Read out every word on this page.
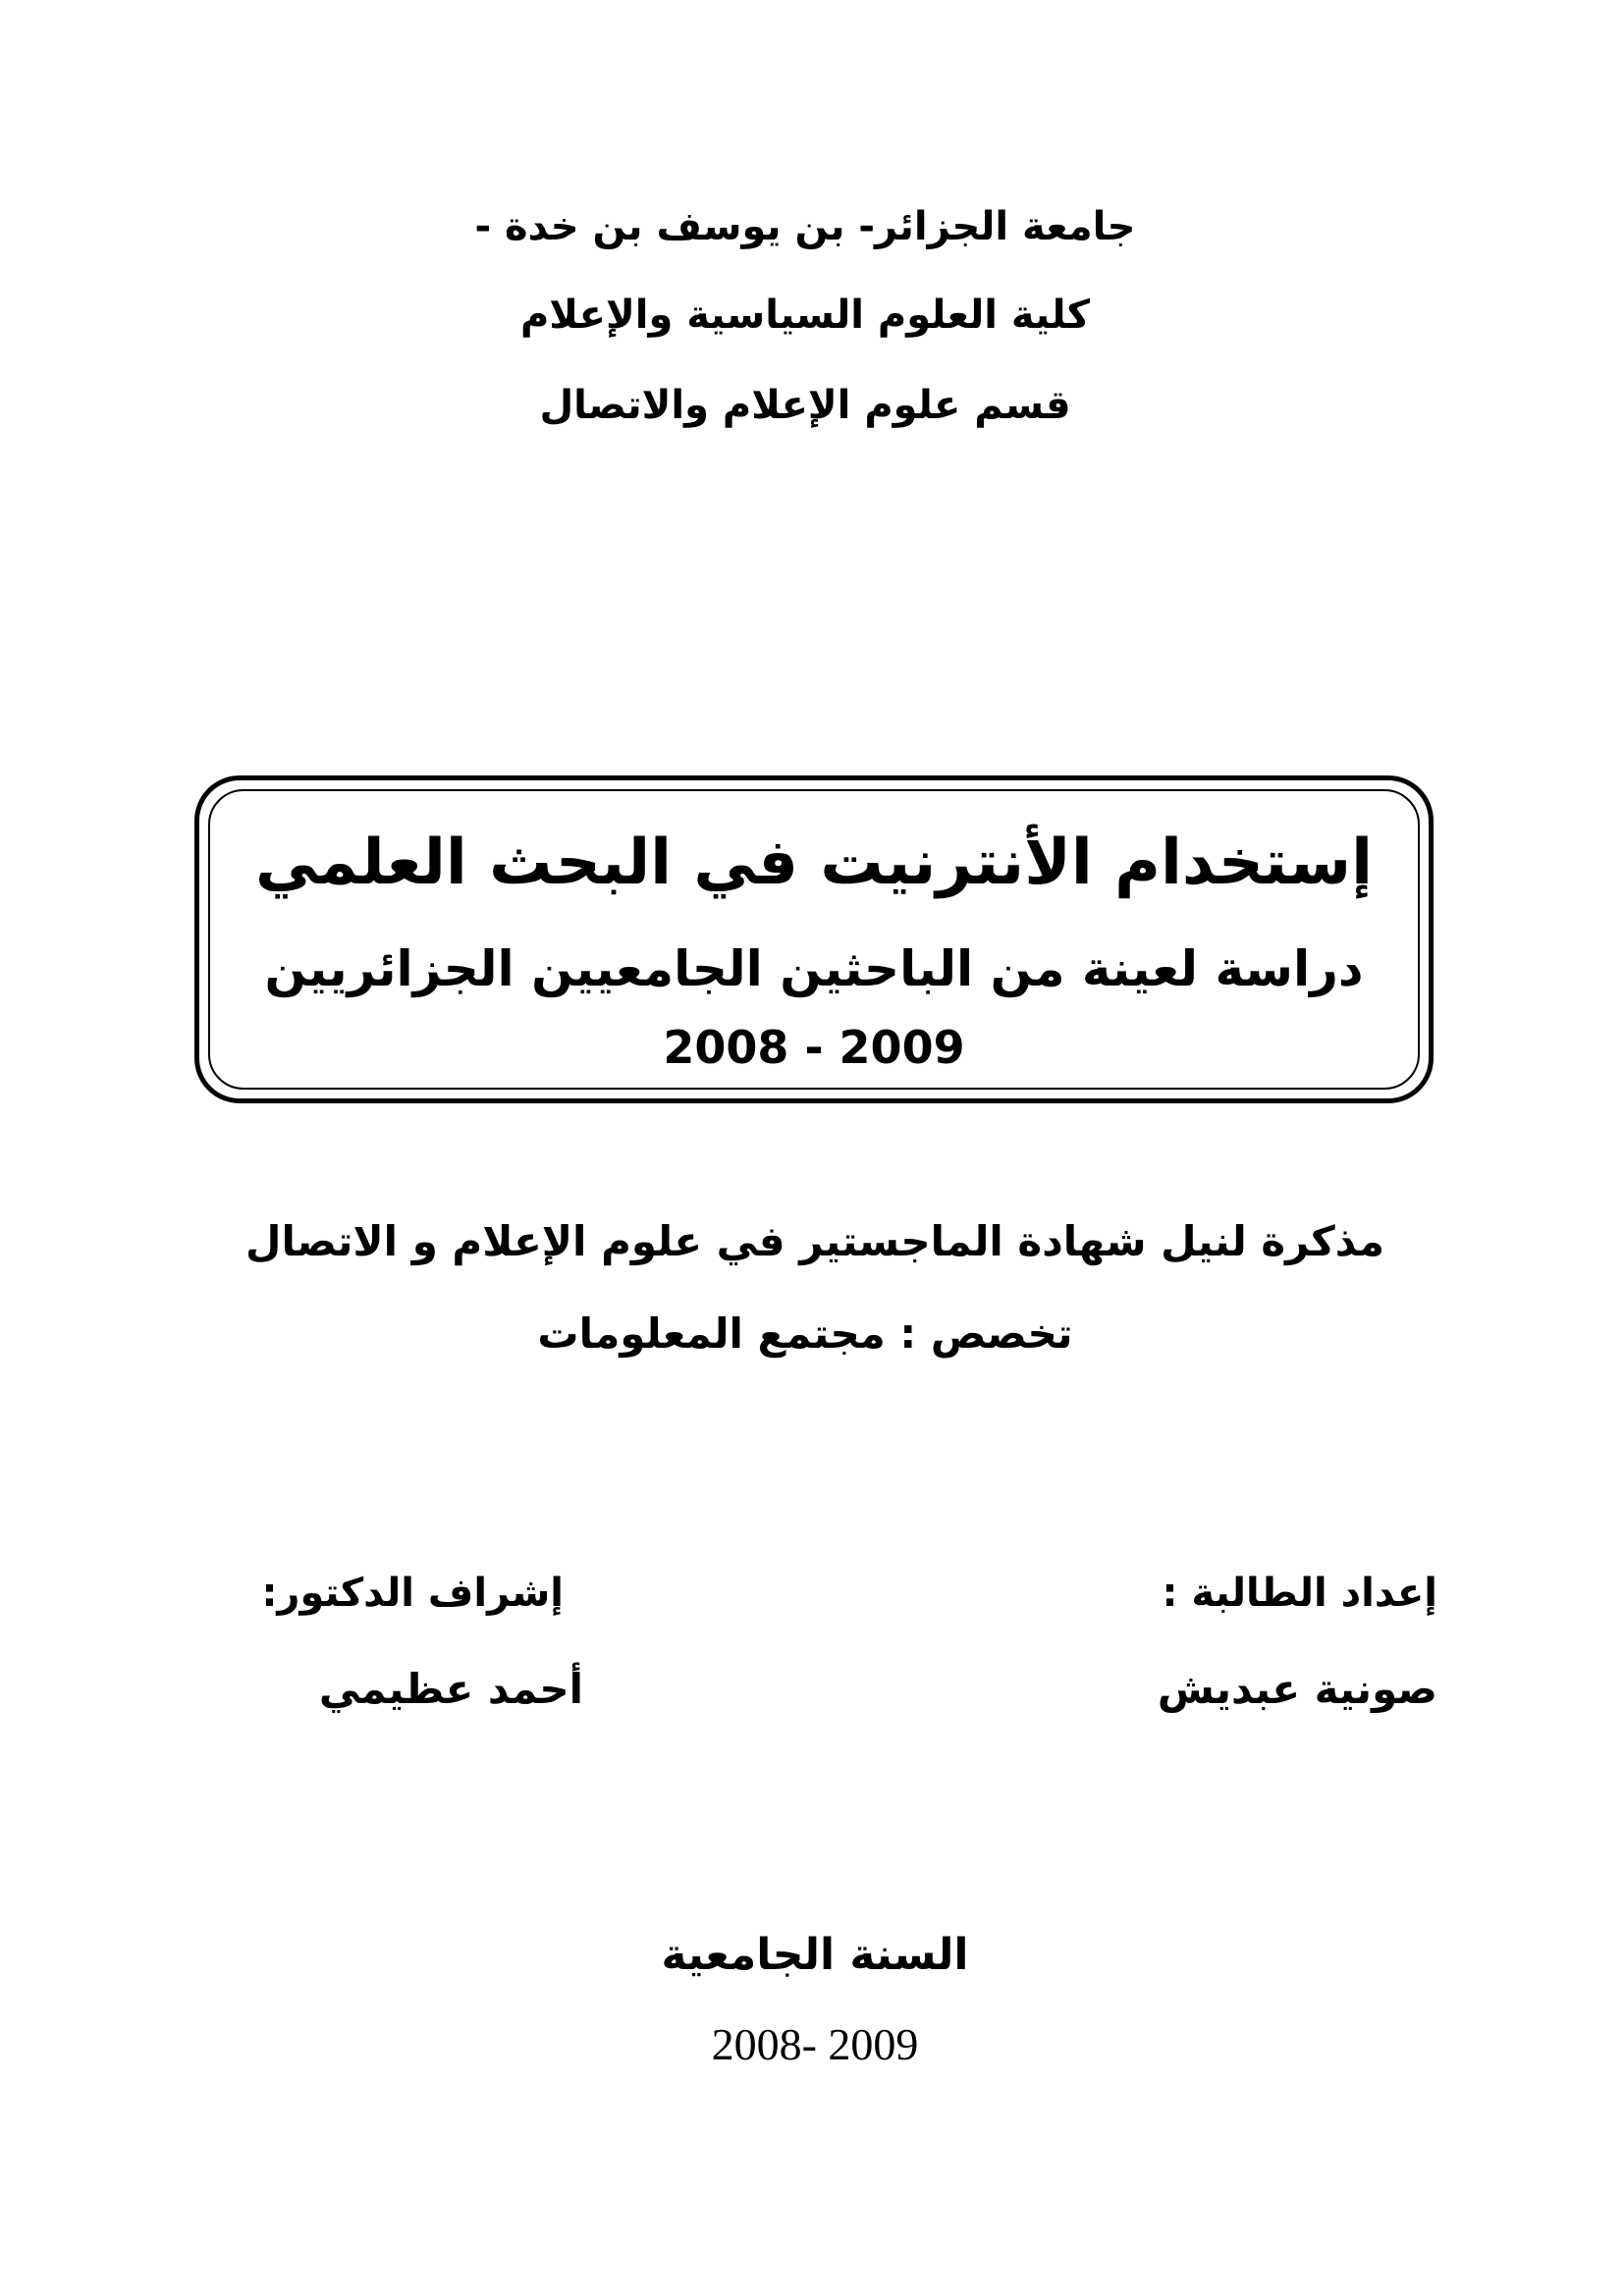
جامعة الجزائر- بن يوسف بن خدة -
كلية العلوم السياسية والإعلام
قسم علوم الإعلام والاتصال
إستخدام الأنترنيت في البحث العلمي
دراسة لعينة من الباحثين الجامعيين الجزائريين
2008 - 2009
مذكرة لنيل شهادة الماجستير في علوم الإعلام و الاتصال
تخصص : مجتمع المعلومات
إعداد الطالبة :
صونية عبديش
إشراف الدكتور:
أحمد عظيمي
السنة الجامعية
2008- 2009
